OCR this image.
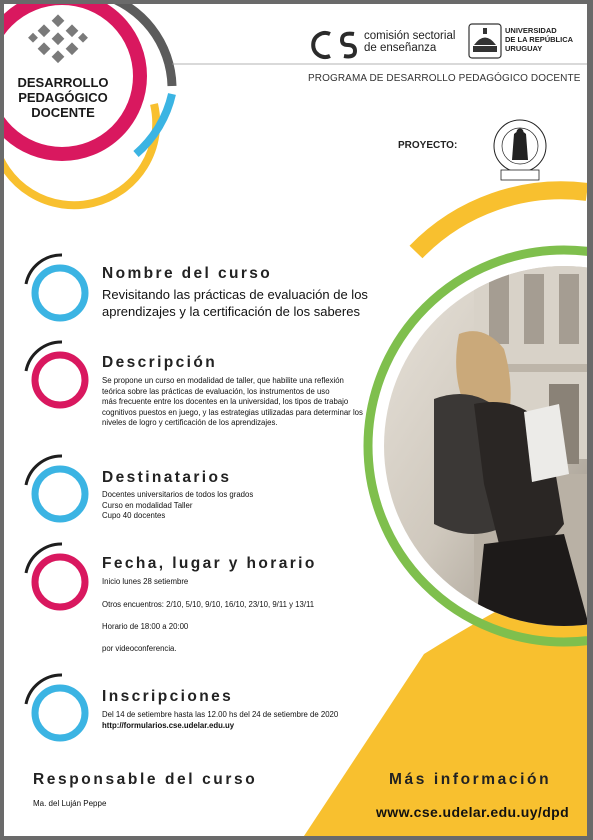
DESARROLLO
PEDAGÓGICO
DOCENTE
comisión sectorial
de enseñanza
UNIVERSIDAD
DE LA REPÚBLICA
URUGUAY
PROGRAMA DE DESARROLLO PEDAGÓGICO DOCENTE
PROYECTO:
Nombre del curso
Revisitando las prácticas de evaluación de los
aprendizajes y la certificación de los saberes
Descripción
Se propone un curso en modalidad de taller, que habilite una reflexión
teórica sobre las prácticas de evaluación, los instrumentos de uso
más frecuente entre los docentes en la universidad, los tipos de trabajo
cognitivos puestos en juego, y las estrategias utilizadas para determinar los
niveles de logro y certificación de los aprendizajes.
Destinatarios
Docentes universitarios de todos los grados
Curso en modalidad Taller
Cupo 40 docentes
Fecha, lugar y horario
Inicio lunes 28 setiembre
Otros encuentros: 2/10, 5/10, 9/10, 16/10, 23/10, 9/11 y 13/11
Horario de 18:00 a 20:00
por videoconferencia.
Inscripciones
Del 14 de setiembre hasta las 12.00 hs del 24 de setiembre de 2020
http://formularios.cse.udelar.edu.uy
Responsable del curso
Ma. del Luján Peppe
Más información
www.cse.udelar.edu.uy/dpd
